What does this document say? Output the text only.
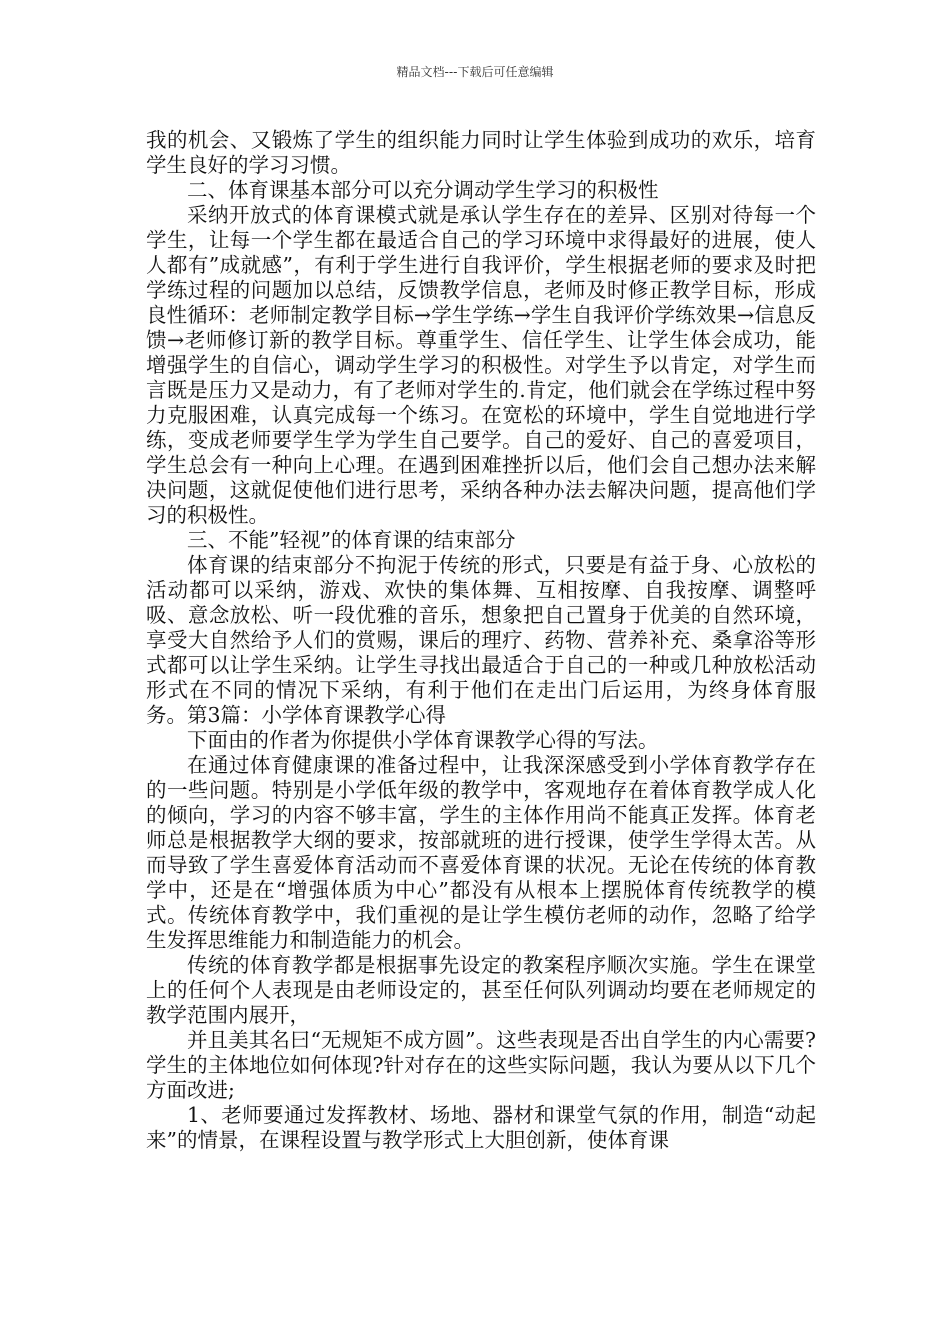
精品文档---下载后可任意编辑

我的机会、又锻炼了学生的组织能力同时让学生体验到成功的欢乐，培育学生良好的学习习惯。

二、体育课基本部分可以充分调动学生学习的积极性

采纳开放式的体育课模式就是承认学生存在的差异、区别对待每一个学生，让每一个学生都在最适合自己的学习环境中求得最好的进展，使人人都有”成就感”，有利于学生进行自我评价，学生根据老师的要求及时把学练过程的问题加以总结，反馈教学信息，老师及时修正教学目标，形成良性循环：老师制定教学目标→学生学练→学生自我评价学练效果→信息反馈→老师修订新的教学目标。尊重学生、信任学生、让学生体会成功，能增强学生的自信心，调动学生学习的积极性。对学生予以肯定，对学生而言既是压力又是动力，有了老师对学生的.肯定，他们就会在学练过程中努力克服困难，认真完成每一个练习。在宽松的环境中，学生自觉地进行学练，变成老师要学生学为学生自己要学。自己的爱好、自己的喜爱项目，学生总会有一种向上心理。在遇到困难挫折以后，他们会自己想办法来解决问题，这就促使他们进行思考，采纳各种办法去解决问题，提高他们学习的积极性。

三、不能”轻视”的体育课的结束部分

体育课的结束部分不拘泥于传统的形式，只要是有益于身、心放松的活动都可以采纳，游戏、欢快的集体舞、互相按摩、自我按摩、调整呼吸、意念放松、听一段优雅的音乐，想象把自己置身于优美的自然环境，享受大自然给予人们的赏赐，课后的理疗、药物、营养补充、桑拿浴等形式都可以让学生采纳。让学生寻找出最适合于自己的一种或几种放松活动形式在不同的情况下采纳，有利于他们在走出门后运用，为终身体育服务。第3篇：小学体育课教学心得

下面由的作者为你提供小学体育课教学心得的写法。

在通过体育健康课的准备过程中，让我深深感受到小学体育教学存在的一些问题。特别是小学低年级的教学中，客观地存在着体育教学成人化的倾向，学习的内容不够丰富，学生的主体作用尚不能真正发挥。体育老师总是根据教学大纲的要求，按部就班的进行授课，使学生学得太苦。从而导致了学生喜爱体育活动而不喜爱体育课的状况。无论在传统的体育教学中，还是在“增强体质为中心”都没有从根本上摆脱体育传统教学的模式。传统体育教学中，我们重视的是让学生模仿老师的动作，忽略了给学生发挥思维能力和制造能力的机会。

传统的体育教学都是根据事先设定的教案程序顺次实施。学生在课堂上的任何个人表现是由老师设定的，甚至任何队列调动均要在老师规定的教学范围内展开，

并且美其名曰“无规矩不成方圆”。这些表现是否出自学生的内心需要?学生的主体地位如何体现?针对存在的这些实际问题，我认为要从以下几个方面改进;

1、老师要通过发挥教材、场地、器材和课堂气氛的作用，制造“动起来”的情景，在课程设置与教学形式上大胆创新，使体育课
